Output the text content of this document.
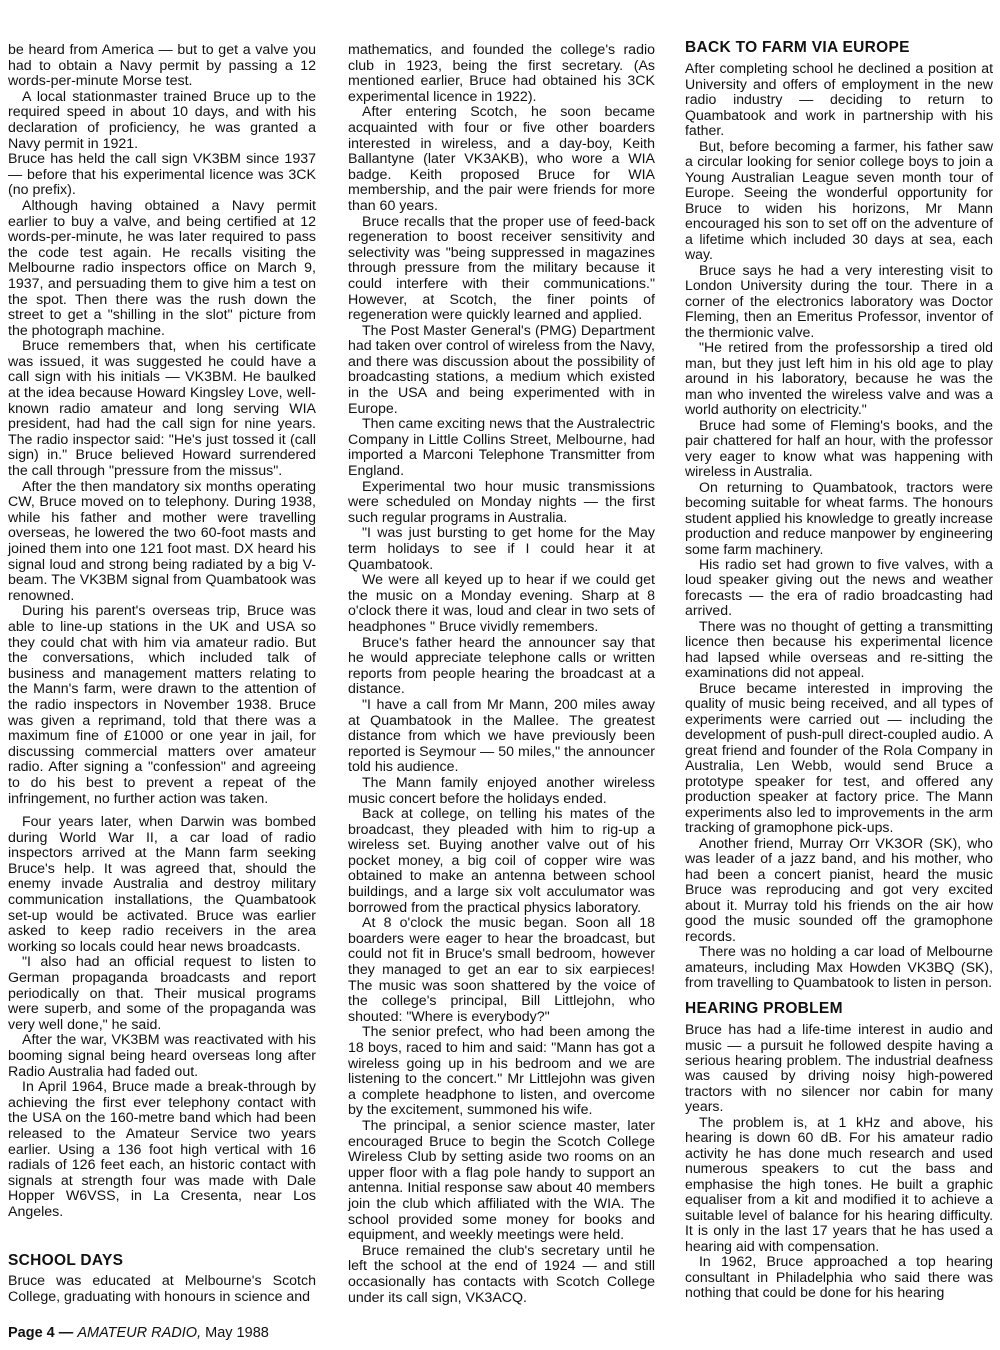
be heard from America — but to get a valve you had to obtain a Navy permit by passing a 12 words-per-minute Morse test.

A local stationmaster trained Bruce up to the required speed in about 10 days, and with his declaration of proficiency, he was granted a Navy permit in 1921.

Bruce has held the call sign VK3BM since 1937 — before that his experimental licence was 3CK (no prefix).

Although having obtained a Navy permit earlier to buy a valve, and being certified at 12 words-per-minute, he was later required to pass the code test again. He recalls visiting the Melbourne radio inspectors office on March 9, 1937, and persuading them to give him a test on the spot. Then there was the rush down the street to get a "shilling in the slot" picture from the photograph machine.

Bruce remembers that, when his certificate was issued, it was suggested he could have a call sign with his initials — VK3BM. He baulked at the idea because Howard Kingsley Love, well-known radio amateur and long serving WIA president, had had the call sign for nine years. The radio inspector said: "He's just tossed it (call sign) in." Bruce believed Howard surrendered the call through "pressure from the missus".

After the then mandatory six months operating CW, Bruce moved on to telephony. During 1938, while his father and mother were travelling overseas, he lowered the two 60-foot masts and joined them into one 121 foot mast. DX heard his signal loud and strong being radiated by a big V-beam. The VK3BM signal from Quambatook was renowned.

During his parent's overseas trip, Bruce was able to line-up stations in the UK and USA so they could chat with him via amateur radio. But the conversations, which included talk of business and management matters relating to the Mann's farm, were drawn to the attention of the radio inspectors in November 1938. Bruce was given a reprimand, told that there was a maximum fine of £1000 or one year in jail, for discussing commercial matters over amateur radio. After signing a "confession" and agreeing to do his best to prevent a repeat of the infringement, no further action was taken.

Four years later, when Darwin was bombed during World War II, a car load of radio inspectors arrived at the Mann farm seeking Bruce's help. It was agreed that, should the enemy invade Australia and destroy military communication installations, the Quambatook set-up would be activated. Bruce was earlier asked to keep radio receivers in the area working so locals could hear news broadcasts.

"I also had an official request to listen to German propaganda broadcasts and report periodically on that. Their musical programs were superb, and some of the propaganda was very well done," he said.

After the war, VK3BM was reactivated with his booming signal being heard overseas long after Radio Australia had faded out.

In April 1964, Bruce made a break-through by achieving the first ever telephony contact with the USA on the 160-metre band which had been released to the Amateur Service two years earlier. Using a 136 foot high vertical with 16 radials of 126 feet each, an historic contact with signals at strength four was made with Dale Hopper W6VSS, in La Cresenta, near Los Angeles.

SCHOOL DAYS

Bruce was educated at Melbourne's Scotch College, graduating with honours in science and

mathematics, and founded the college's radio club in 1923, being the first secretary. (As mentioned earlier, Bruce had obtained his 3CK experimental licence in 1922).

After entering Scotch, he soon became acquainted with four or five other boarders interested in wireless, and a day-boy, Keith Ballantyne (later VK3AKB), who wore a WIA badge. Keith proposed Bruce for WIA membership, and the pair were friends for more than 60 years.

Bruce recalls that the proper use of feed-back regeneration to boost receiver sensitivity and selectivity was "being suppressed in magazines through pressure from the military because it could interfere with their communications." However, at Scotch, the finer points of regeneration were quickly learned and applied.

The Post Master General's (PMG) Department had taken over control of wireless from the Navy, and there was discussion about the possibility of broadcasting stations, a medium which existed in the USA and being experimented with in Europe.

Then came exciting news that the Australectric Company in Little Collins Street, Melbourne, had imported a Marconi Telephone Transmitter from England.

Experimental two hour music transmissions were scheduled on Monday nights — the first such regular programs in Australia.

"I was just bursting to get home for the May term holidays to see if I could hear it at Quambatook.

We were all keyed up to hear if we could get the music on a Monday evening. Sharp at 8 o'clock there it was, loud and clear in two sets of headphones " Bruce vividly remembers.

Bruce's father heard the announcer say that he would appreciate telephone calls or written reports from people hearing the broadcast at a distance.

"I have a call from Mr Mann, 200 miles away at Quambatook in the Mallee. The greatest distance from which we have previously been reported is Seymour — 50 miles," the announcer told his audience.

The Mann family enjoyed another wireless music concert before the holidays ended.

Back at college, on telling his mates of the broadcast, they pleaded with him to rig-up a wireless set. Buying another valve out of his pocket money, a big coil of copper wire was obtained to make an antenna between school buildings, and a large six volt acculumator was borrowed from the practical physics laboratory.

At 8 o'clock the music began. Soon all 18 boarders were eager to hear the broadcast, but could not fit in Bruce's small bedroom, however they managed to get an ear to six earpieces! The music was soon shattered by the voice of the college's principal, Bill Littlejohn, who shouted: "Where is everybody?"

The senior prefect, who had been among the 18 boys, raced to him and said: "Mann has got a wireless going up in his bedroom and we are listening to the concert." Mr Littlejohn was given a complete headphone to listen, and overcome by the excitement, summoned his wife.

The principal, a senior science master, later encouraged Bruce to begin the Scotch College Wireless Club by setting aside two rooms on an upper floor with a flag pole handy to support an antenna. Initial response saw about 40 members join the club which affiliated with the WIA. The school provided some money for books and equipment, and weekly meetings were held.

Bruce remained the club's secretary until he left the school at the end of 1924 — and still occasionally has contacts with Scotch College under its call sign, VK3ACQ.

BACK TO FARM VIA EUROPE

After completing school he declined a position at University and offers of employment in the new radio industry — deciding to return to Quambatook and work in partnership with his father.

But, before becoming a farmer, his father saw a circular looking for senior college boys to join a Young Australian League seven month tour of Europe. Seeing the wonderful opportunity for Bruce to widen his horizons, Mr Mann encouraged his son to set off on the adventure of a lifetime which included 30 days at sea, each way.

Bruce says he had a very interesting visit to London University during the tour. There in a corner of the electronics laboratory was Doctor Fleming, then an Emeritus Professor, inventor of the thermionic valve.

"He retired from the professorship a tired old man, but they just left him in his old age to play around in his laboratory, because he was the man who invented the wireless valve and was a world authority on electricity."

Bruce had some of Fleming's books, and the pair chattered for half an hour, with the professor very eager to know what was happening with wireless in Australia.

On returning to Quambatook, tractors were becoming suitable for wheat farms. The honours student applied his knowledge to greatly increase production and reduce manpower by engineering some farm machinery.

His radio set had grown to five valves, with a loud speaker giving out the news and weather forecasts — the era of radio broadcasting had arrived.

There was no thought of getting a transmitting licence then because his experimental licence had lapsed while overseas and re-sitting the examinations did not appeal.

Bruce became interested in improving the quality of music being received, and all types of experiments were carried out — including the development of push-pull direct-coupled audio. A great friend and founder of the Rola Company in Australia, Len Webb, would send Bruce a prototype speaker for test, and offered any production speaker at factory price. The Mann experiments also led to improvements in the arm tracking of gramophone pick-ups.

Another friend, Murray Orr VK3OR (SK), who was leader of a jazz band, and his mother, who had been a concert pianist, heard the music Bruce was reproducing and got very excited about it. Murray told his friends on the air how good the music sounded off the gramophone records.

There was no holding a car load of Melbourne amateurs, including Max Howden VK3BQ (SK), from travelling to Quambatook to listen in person.

HEARING PROBLEM

Bruce has had a life-time interest in audio and music — a pursuit he followed despite having a serious hearing problem. The industrial deafness was caused by driving noisy high-powered tractors with no silencer nor cabin for many years.

The problem is, at 1 kHz and above, his hearing is down 60 dB. For his amateur radio activity he has done much research and used numerous speakers to cut the bass and emphasise the high tones. He built a graphic equaliser from a kit and modified it to achieve a suitable level of balance for his hearing difficulty. It is only in the last 17 years that he has used a hearing aid with compensation.

In 1962, Bruce approached a top hearing consultant in Philadelphia who said there was nothing that could be done for his hearing

Page 4 — AMATEUR RADIO, May 1988
